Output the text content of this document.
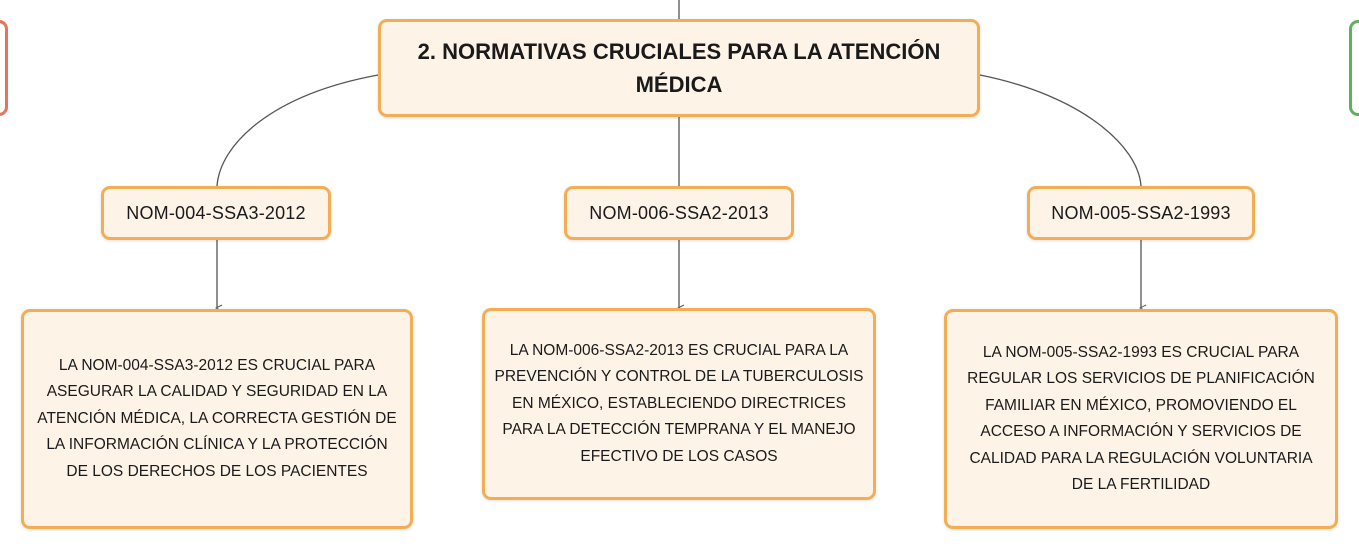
2. NORMATIVAS CRUCIALES PARA LA ATENCIÓN MÉDICA
NOM-004-SSA3-2012	NOM-006-SSA2-2013	NOM-005-SSA2-1993
LA NOM-004-SSA3-2012 ES CRUCIAL PARA ASEGURAR LA CALIDAD Y SEGURIDAD EN LA ATENCIÓN MÉDICA, LA CORRECTA GESTIÓN DE LA INFORMACIÓN CLÍNICA Y LA PROTECCIÓN DE LOS DERECHOS DE LOS PACIENTES
LA NOM-006-SSA2-2013 ES CRUCIAL PARA LA PREVENCIÓN Y CONTROL DE LA TUBERCULOSIS EN MÉXICO, ESTABLECIENDO DIRECTRICES PARA LA DETECCIÓN TEMPRANA Y EL MANEJO EFECTIVO DE LOS CASOS
LA NOM-005-SSA2-1993 ES CRUCIAL PARA REGULAR LOS SERVICIOS DE PLANIFICACIÓN FAMILIAR EN MÉXICO, PROMOVIENDO EL ACCESO A INFORMACIÓN Y SERVICIOS DE CALIDAD PARA LA REGULACIÓN VOLUNTARIA DE LA FERTILIDAD
